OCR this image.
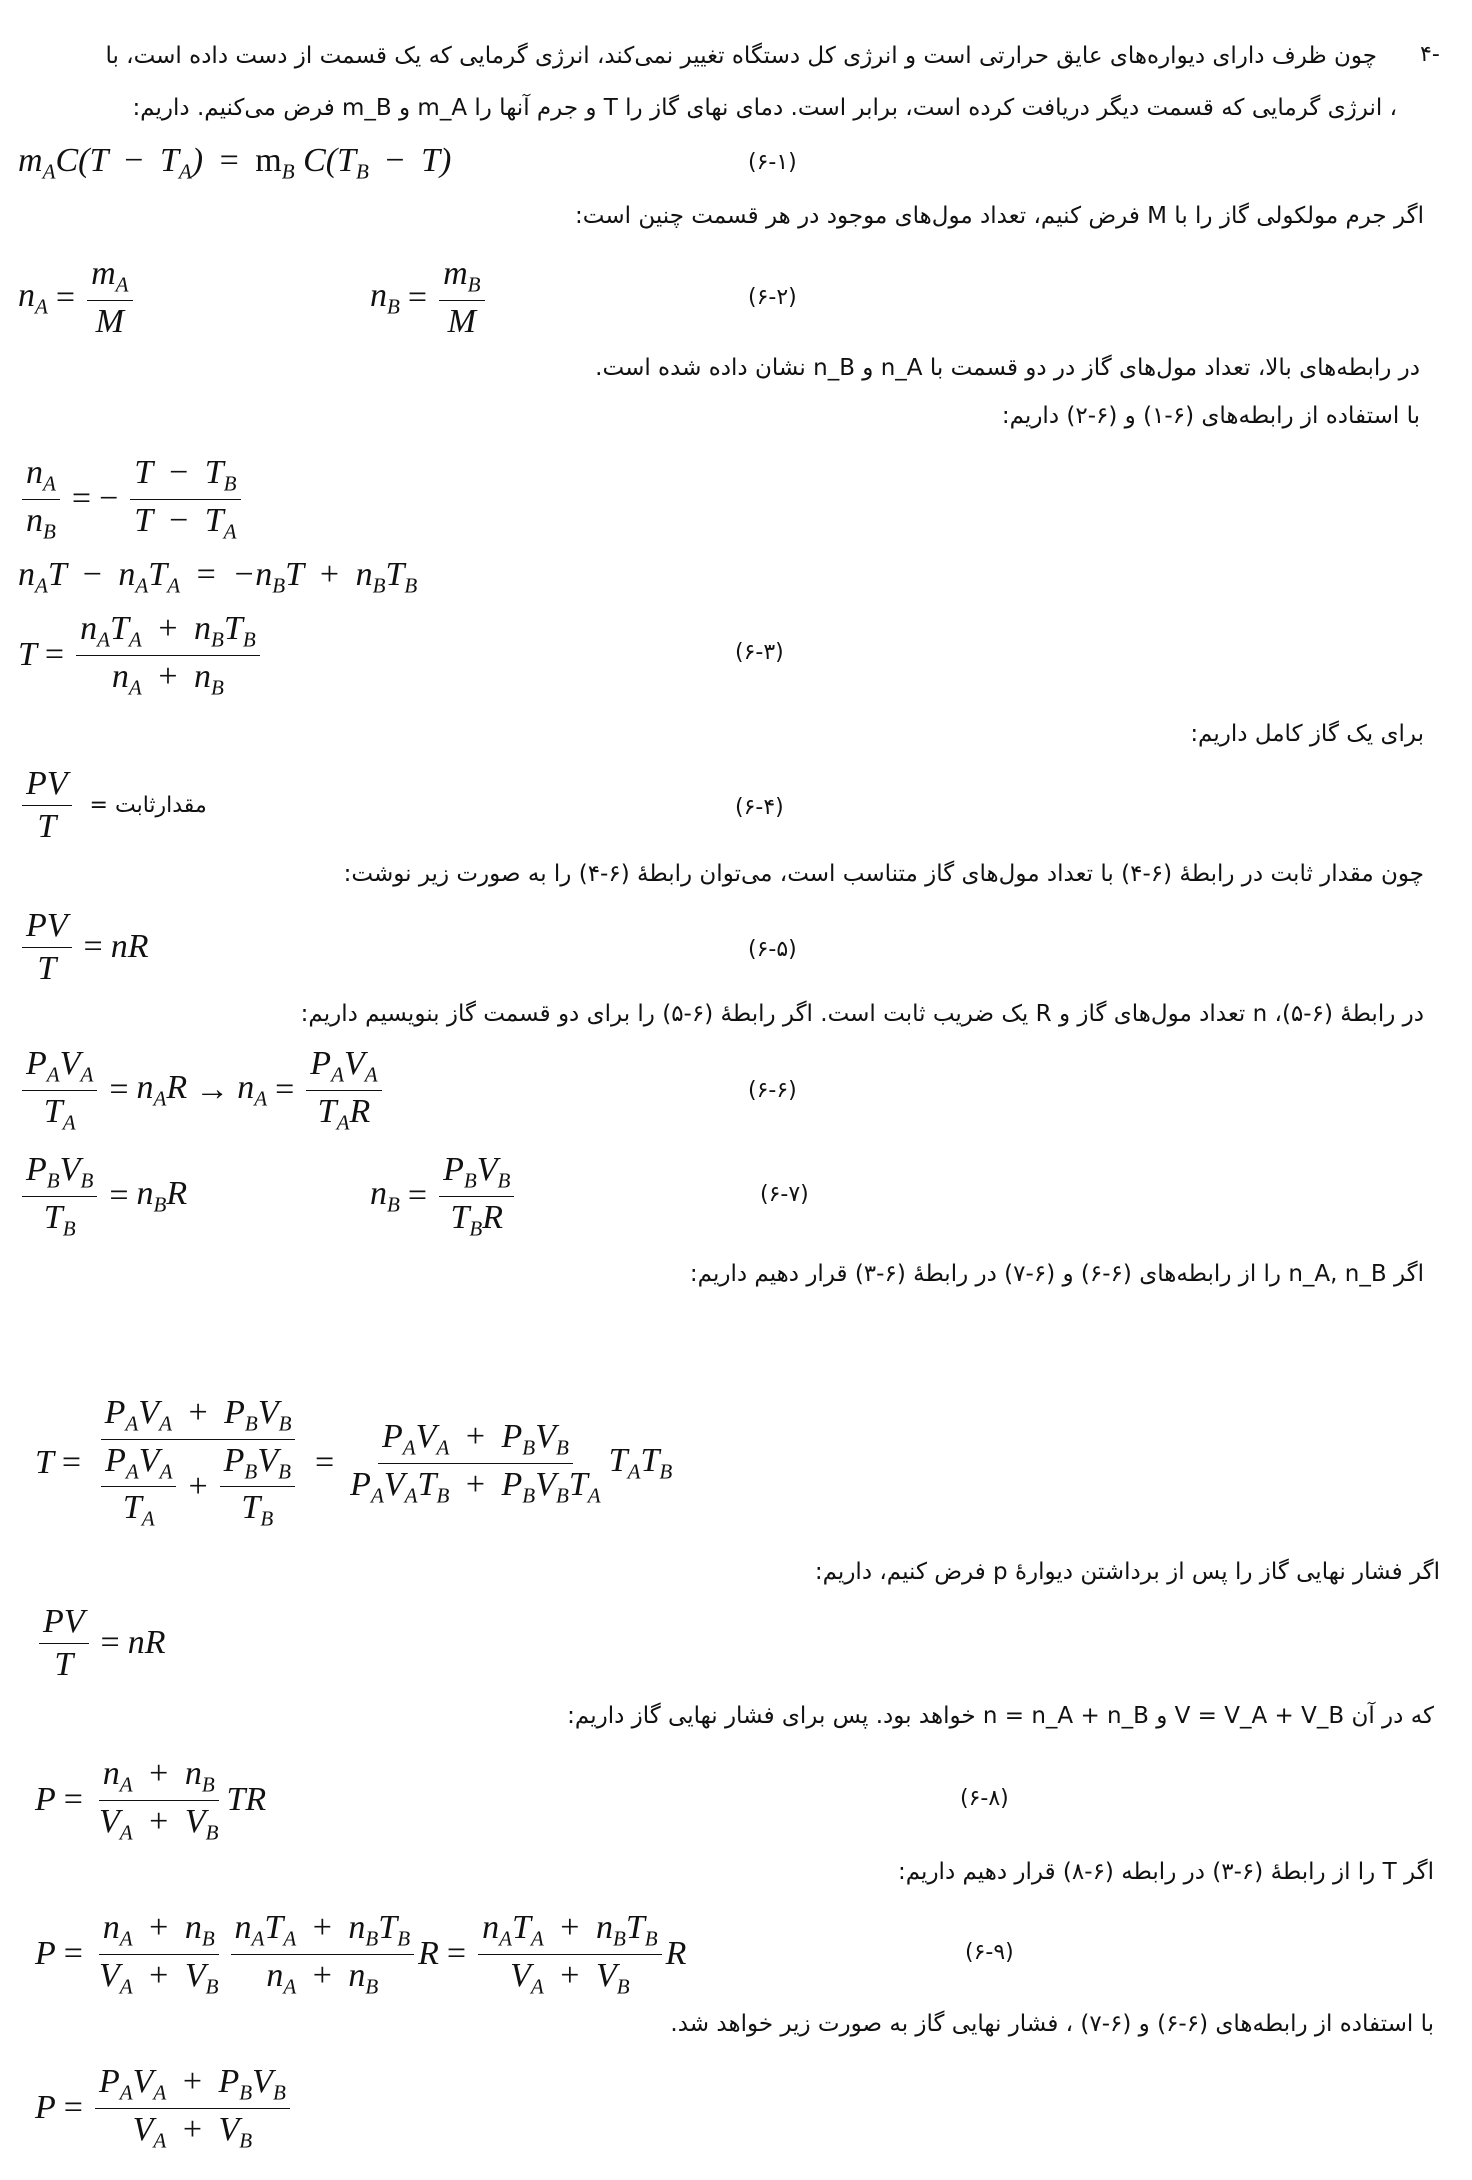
-۴
چون ظرف دارای دیواره‌های عایق حرارتی است و انرژی کل دستگاه تغییر نمی‌کند، انرژی گرمایی که یک قسمت از دست داده است، با
، انرژی گرمایی که قسمت دیگر دریافت کرده است، برابر است. دمای نهای گاز را T و جرم آنها را m_A و m_B فرض می‌کنیم. داریم:
$m_AC(T - T_A) = m_B$ $C(T_B - T)$	(۶-۱)
اگر جرم مولکولی گاز را با M فرض کنیم، تعداد مول‌های موجود در هر قسمت چنین است:
$n_A = \frac{m_A}{M}$	$n_B = \frac{m_B}{M}$	(۶-۲)
در رابطه‌های بالا، تعداد مول‌های گاز در دو قسمت با n_A و n_B نشان داده شده است.
با استفاده از رابطه‌های (۶-۱) و (۶-۲) داریم:
$\frac{n_A}{n_B}$ = − $\frac{T - T_B}{T - T_A}$
$n_AT - n_AT_A = -n_BT + n_BT_B$
T =
$n_AT_A + n_BT_B$
$n_A + n_B$
(۶-۳)
برای یک گاز کامل داریم:
PV
T
مقدارثابت =	(۶-۴)
چون مقدار ثابت در رابطهٔ (۶-۴) با تعداد مول‌های گاز متناسب است، می‌توان رابطهٔ (۶-۴) را به صورت زیر نوشت:
$\frac{PV}{T}$ = nR	(۶-۵)
در رابطهٔ (۶-۵)، n تعداد مول‌های گاز و R یک ضریب ثابت است. اگر رابطهٔ (۶-۵) را برای دو قسمت گاز بنویسیم داریم:
$P_AV_A$
$T_A$
= $n_AR \to n_A$ =
$P_AV_A$
$T_AR$
(۶-۶)
$P_BV_B$
$T_B$
= $n_BR$	$n_B$ =
$P_BV_B$
$T_BR$
(۶-۷)
اگر n_A, n_B را از رابطه‌های (۶-۶) و (۶-۷) در رابطهٔ (۶-۳) قرار دهیم داریم:
T =
$P_AV_A + P_BV_B$
$P_AV_A$
$T_A$
+
$P_BV_B$
$T_B$
=
$P_AV_A + P_BV_B$
$P_AV_AT_B + P_BV_BT_A$
$T_AT_B$
اگر فشار نهایی گاز را پس از برداشتن دیوارهٔ p فرض کنیم، داریم:
$\frac{PV}{T}$ = nR
که در آن V = V_A + V_B و n = n_A + n_B خواهد بود. پس برای فشار نهایی گاز داریم:
$P = \frac{n_A + n_B}{V_A + V_B}$ TR	(۶-۸)
اگر T را از رابطهٔ (۶-۳) در رابطه (۶-۸) قرار دهیم داریم:
$P = \frac{n_A + n_B}{V_A + V_B} n_AT_A + n_BT_B$
$n_A + n_B$
R =
$n_AT_A + n_BT_B$
$V_A + V_B$
R	(۶-۹)
با استفاده از رابطه‌های (۶-۶) و (۶-۷) ، فشار نهایی گاز به صورت زیر خواهد شد.
P =
$P_AV_A + P_BV_B$
$V_A + V_B$
